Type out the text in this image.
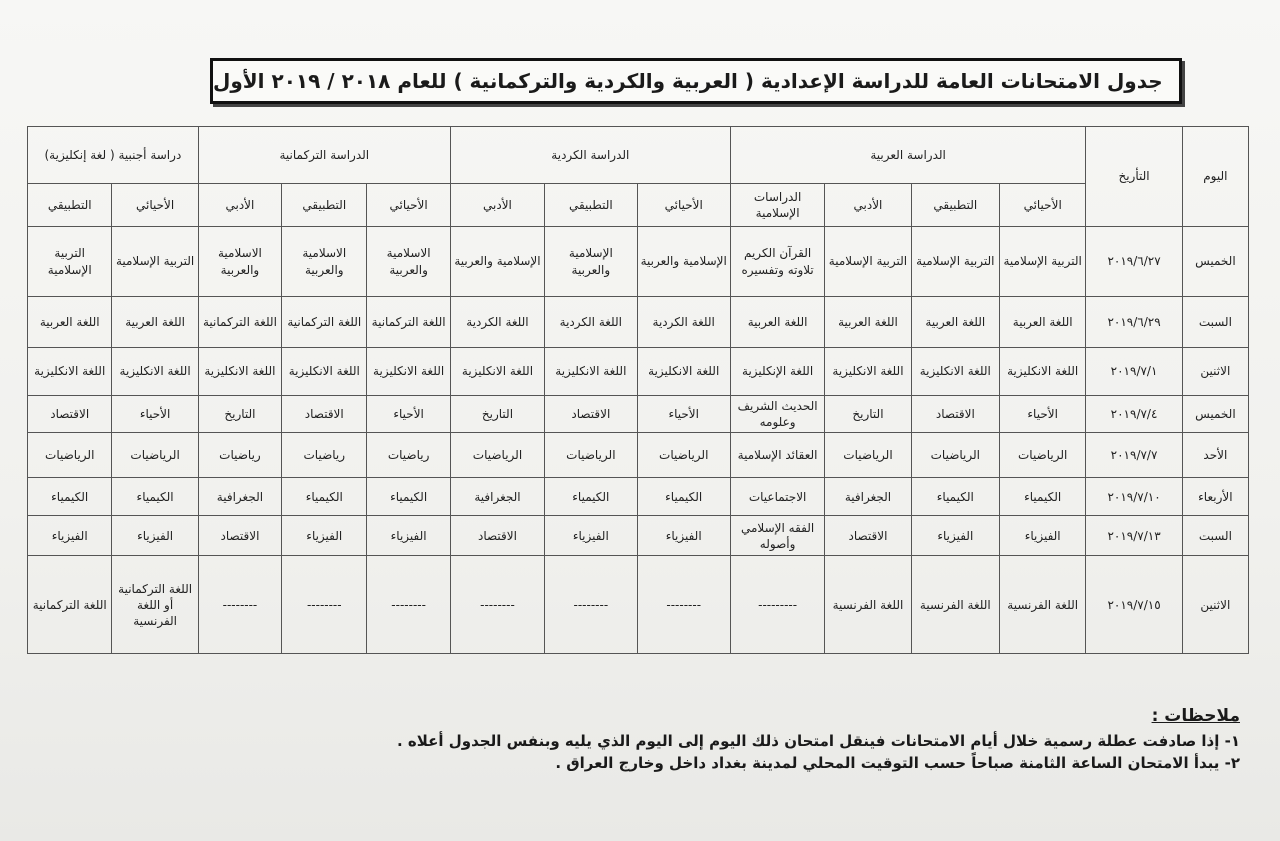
جدول الامتحانات العامة للدراسة الإعدادية ( العربية والكردية والتركمانية ) للعام ٢٠١٨ / ٢٠١٩ الأول
اليوم	التأريخ	الدراسة العربية				الدراسة الكردية			الدراسة التركمانية			دراسة أجنبية ( لغة إنكليزية)	
		الأحيائي	التطبيقي	الأدبي	الدراسات الإسلامية	الأحيائي	التطبيقي	الأدبي	الأحيائي	التطبيقي	الأدبي	الأحيائي	التطبيقي
الخميس	٢٠١٩/٦/٢٧	التربية الإسلامية	التربية الإسلامية	التربية الإسلامية	القرآن الكريم تلاوته وتفسيره	الإسلامية والعربية	الإسلامية والعربية	الإسلامية والعربية	الاسلامية والعربية	الاسلامية والعربية	الاسلامية والعربية	التربية الإسلامية	التربية الإسلامية
السبت	٢٠١٩/٦/٢٩	اللغة العربية	اللغة العربية	اللغة العربية	اللغة العربية	اللغة الكردية	اللغة الكردية	اللغة الكردية	اللغة التركمانية	اللغة التركمانية	اللغة التركمانية	اللغة العربية	اللغة العربية
الاثنين	٢٠١٩/٧/١	اللغة الانكليزية	اللغة الانكليزية	اللغة الانكليزية	اللغة الإنكليزية	اللغة الانكليزية	اللغة الانكليزية	اللغة الانكليزية	اللغة الانكليزية	اللغة الانكليزية	اللغة الانكليزية	اللغة الانكليزية	اللغة الانكليزية
الخميس	٢٠١٩/٧/٤	الأحياء	الاقتصاد	التاريخ	الحديث الشريف وعلومه	الأحياء	الاقتصاد	التاريخ	الأحياء	الاقتصاد	التاريخ	الأحياء	الاقتصاد
الأحد	٢٠١٩/٧/٧	الرياضيات	الرياضيات	الرياضيات	العقائد الإسلامية	الرياضيات	الرياضيات	الرياضيات	رياضيات	رياضيات	رياضيات	الرياضيات	الرياضيات
الأربعاء	٢٠١٩/٧/١٠	الكيمياء	الكيمياء	الجغرافية	الاجتماعيات	الكيمياء	الكيمياء	الجغرافية	الكيمياء	الكيمياء	الجغرافية	الكيمياء	الكيمياء
السبت	٢٠١٩/٧/١٣	الفيزياء	الفيزياء	الاقتصاد	الفقه الإسلامي وأصوله	الفيزياء	الفيزياء	الاقتصاد	الفيزياء	الفيزياء	الاقتصاد	الفيزياء	الفيزياء
الاثنين	٢٠١٩/٧/١٥	اللغة الفرنسية	اللغة الفرنسية	اللغة الفرنسية	---------	--------	--------	--------	--------	--------	--------	اللغة التركمانية أو اللغة الفرنسية	اللغة التركمانية
ملاحظات :
١- إذا صادفت عطلة رسمية خلال أيام الامتحانات فينقل امتحان ذلك اليوم إلى اليوم الذي يليه وبنفس الجدول أعلاه .
٢- يبدأ الامتحان الساعة الثامنة صباحاً حسب التوقيت المحلي لمدينة بغداد داخل وخارج العراق .
